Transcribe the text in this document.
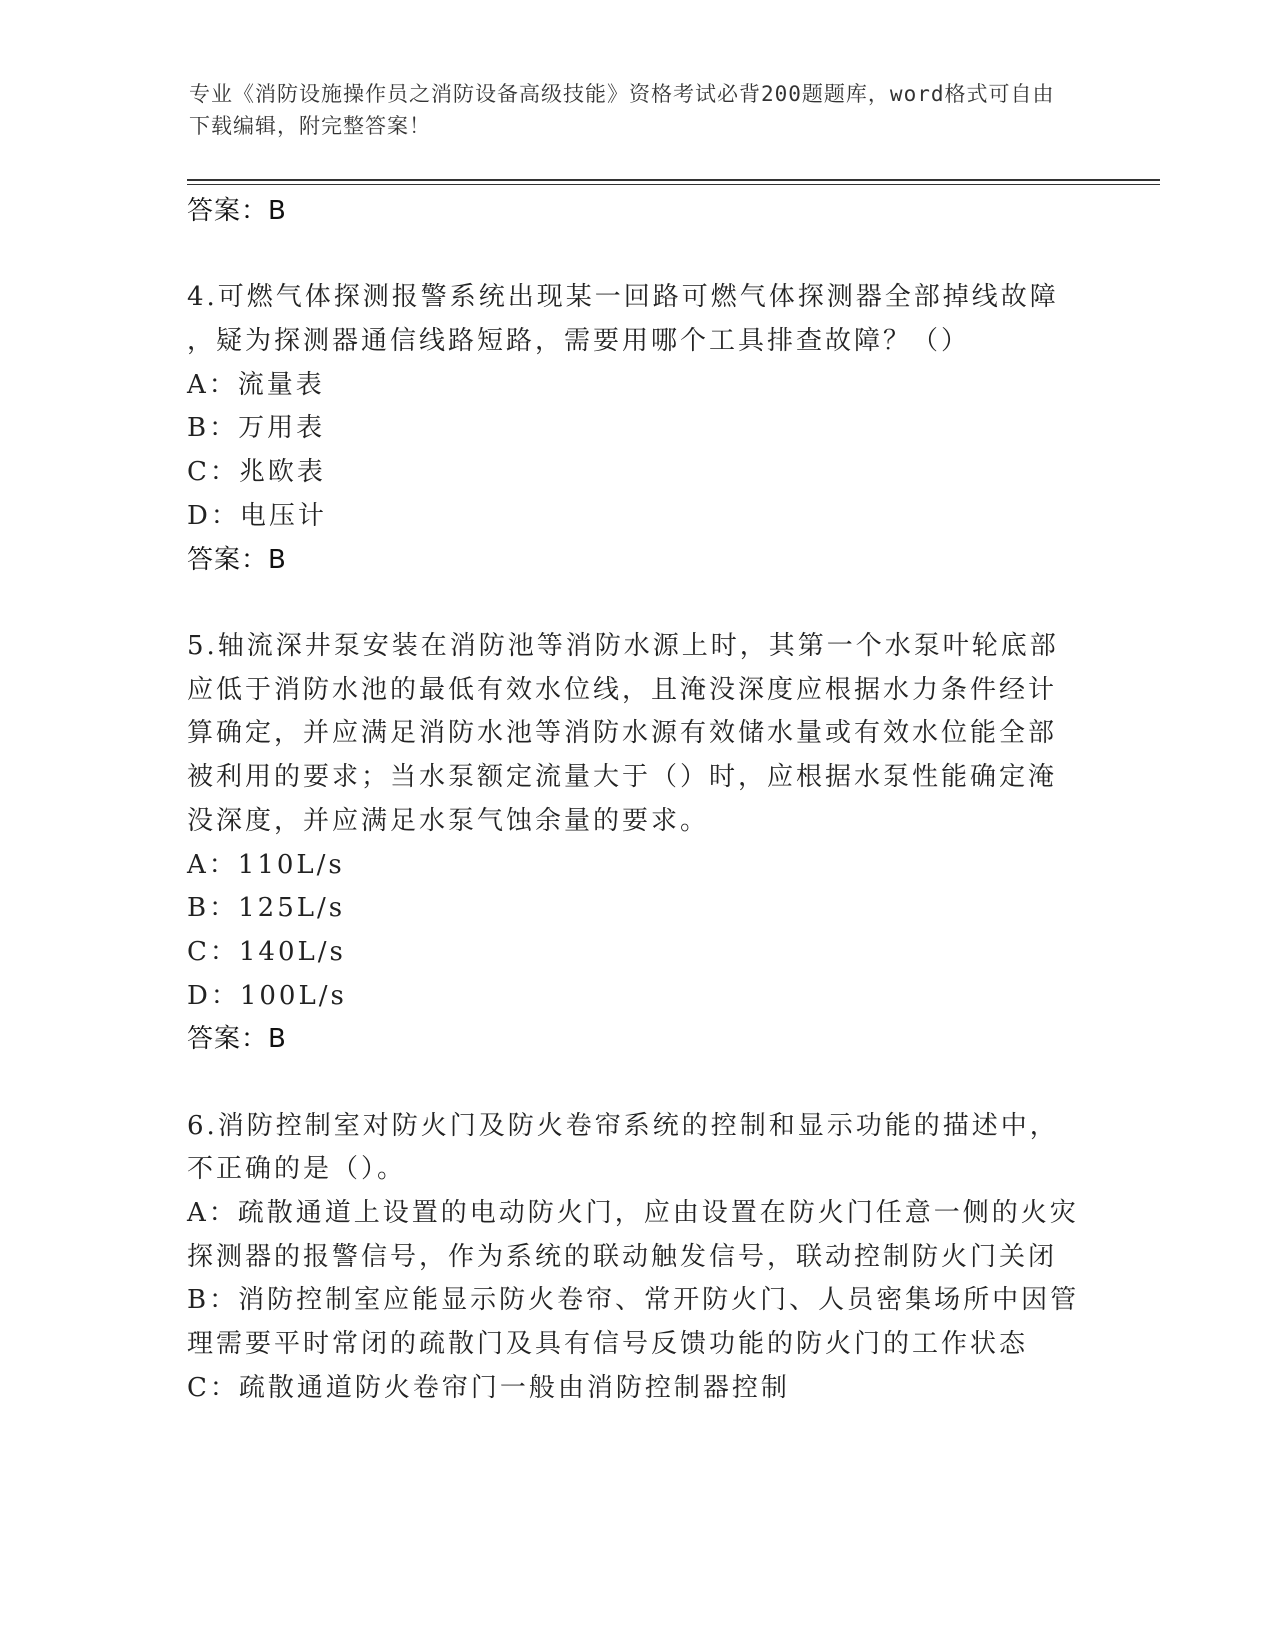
专业《消防设施操作员之消防设备高级技能》资格考试必背200题题库，word格式可自由下载编辑，附完整答案！
答案：B
4.可燃气体探测报警系统出现某一回路可燃气体探测器全部掉线故障
，疑为探测器通信线路短路，需要用哪个工具排查故障？（）
A：流量表
B：万用表
C：兆欧表
D：电压计
答案：B
5.轴流深井泵安装在消防池等消防水源上时，其第一个水泵叶轮底部
应低于消防水池的最低有效水位线，且淹没深度应根据水力条件经计
算确定，并应满足消防水池等消防水源有效储水量或有效水位能全部
被利用的要求；当水泵额定流量大于（）时，应根据水泵性能确定淹
没深度，并应满足水泵气蚀余量的要求。
A：110L/s
B：125L/s
C：140L/s
D：100L/s
答案：B
6.消防控制室对防火门及防火卷帘系统的控制和显示功能的描述中，
不正确的是（）。
A：疏散通道上设置的电动防火门，应由设置在防火门任意一侧的火灾
探测器的报警信号，作为系统的联动触发信号，联动控制防火门关闭
B：消防控制室应能显示防火卷帘、常开防火门、人员密集场所中因管
理需要平时常闭的疏散门及具有信号反馈功能的防火门的工作状态
C：疏散通道防火卷帘门一般由消防控制器控制
